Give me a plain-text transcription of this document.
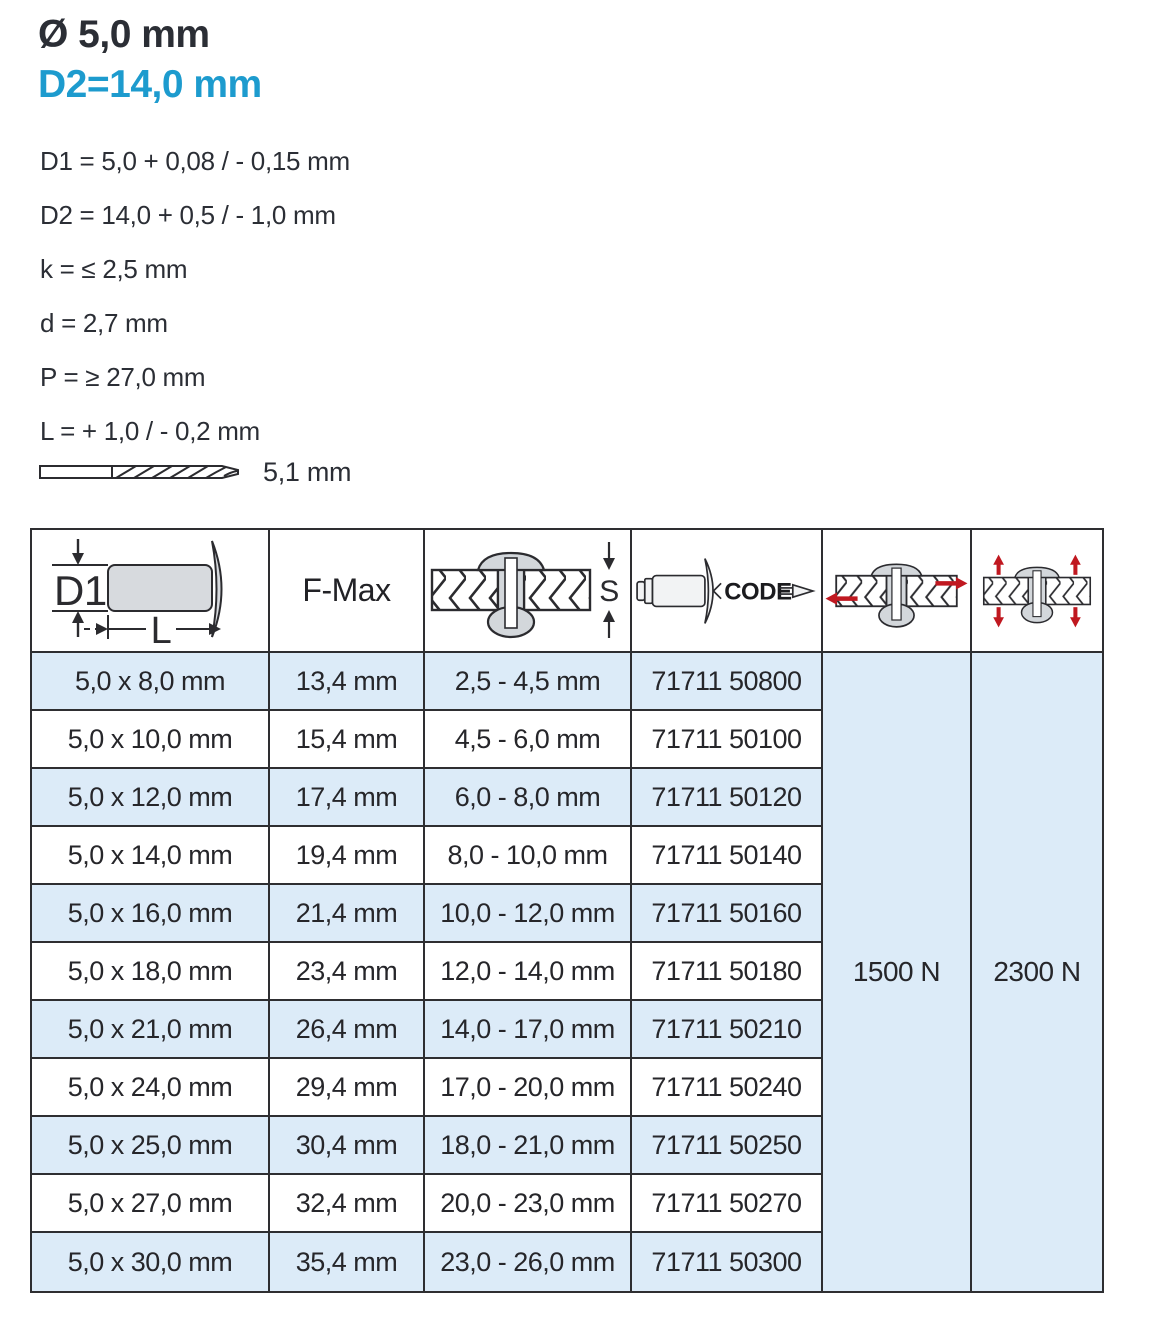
Ø 5,0 mm
D2=14,0 mm
D1 = 5,0 + 0,08 / - 0,15 mm
D2 = 14,0 + 0,5 / - 1,0 mm
k = ≤ 2,5 mm
d = 2,7 mm
P = ≥ 27,0 mm
L = + 1,0 / - 0,2 mm
5,1 mm
D1
L
F-Max	S	CODE
1500 N	2300 N
5,0 x 8,0 mm	13,4 mm	2,5 - 4,5 mm	71711 50800
5,0 x 10,0 mm	15,4 mm	4,5 - 6,0 mm	71711 50100
5,0 x 12,0 mm	17,4 mm	6,0 - 8,0 mm	71711 50120
5,0 x 14,0 mm	19,4 mm	8,0 - 10,0 mm	71711 50140
5,0 x 16,0 mm	21,4 mm	10,0 - 12,0 mm	71711 50160
5,0 x 18,0 mm	23,4 mm	12,0 - 14,0 mm	71711 50180
5,0 x 21,0 mm	26,4 mm	14,0 - 17,0 mm	71711 50210
5,0 x 24,0 mm	29,4 mm	17,0 - 20,0 mm	71711 50240
5,0 x 25,0 mm	30,4 mm	18,0 - 21,0 mm	71711 50250
5,0 x 27,0 mm	32,4 mm	20,0 - 23,0 mm	71711 50270
5,0 x 30,0 mm	35,4 mm	23,0 - 26,0 mm	71711 50300
